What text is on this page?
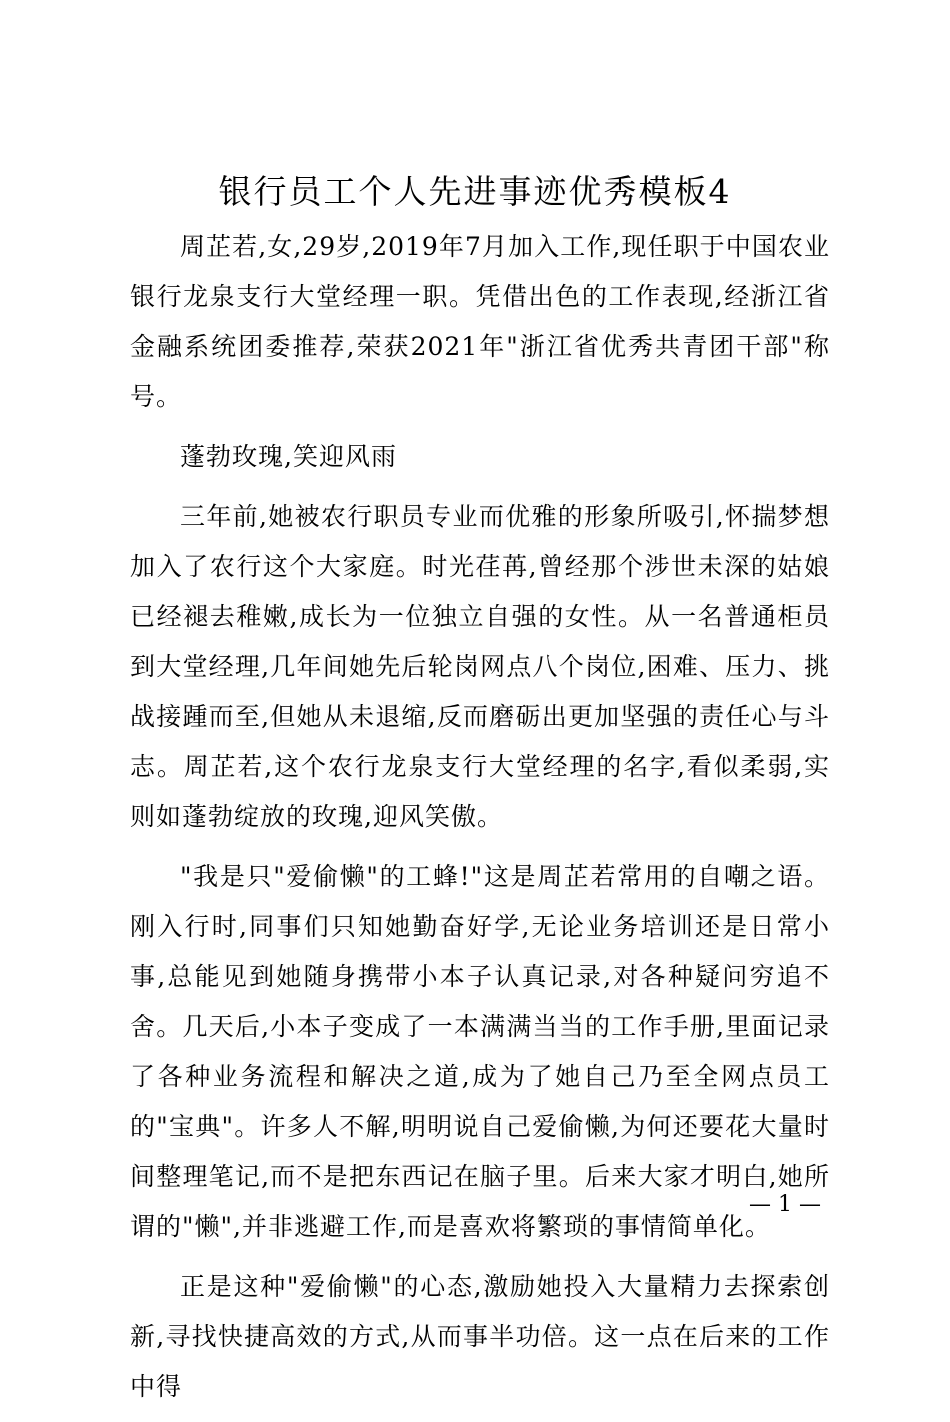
银行员工个人先进事迹优秀模板4

周芷若,女,29岁,2019年7月加入工作,现任职于中国农业银行龙泉支行大堂经理一职。凭借出色的工作表现,经浙江省金融系统团委推荐,荣获2021年"浙江省优秀共青团干部"称号。

蓬勃玫瑰,笑迎风雨

三年前,她被农行职员专业而优雅的形象所吸引,怀揣梦想加入了农行这个大家庭。时光荏苒,曾经那个涉世未深的姑娘已经褪去稚嫩,成长为一位独立自强的女性。从一名普通柜员到大堂经理,几年间她先后轮岗网点八个岗位,困难、压力、挑战接踵而至,但她从未退缩,反而磨砺出更加坚强的责任心与斗志。周芷若,这个农行龙泉支行大堂经理的名字,看似柔弱,实则如蓬勃绽放的玫瑰,迎风笑傲。

"我是只"爱偷懒"的工蜂!"这是周芷若常用的自嘲之语。刚入行时,同事们只知她勤奋好学,无论业务培训还是日常小事,总能见到她随身携带小本子认真记录,对各种疑问穷追不舍。几天后,小本子变成了一本满满当当的工作手册,里面记录了各种业务流程和解决之道,成为了她自己乃至全网点员工的"宝典"。许多人不解,明明说自己爱偷懒,为何还要花大量时间整理笔记,而不是把东西记在脑子里。后来大家才明白,她所谓的"懒",并非逃避工作,而是喜欢将繁琐的事情简单化。

正是这种"爱偷懒"的心态,激励她投入大量精力去探索创新,寻找快捷高效的方式,从而事半功倍。这一点在后来的工作中得

— 1 —
